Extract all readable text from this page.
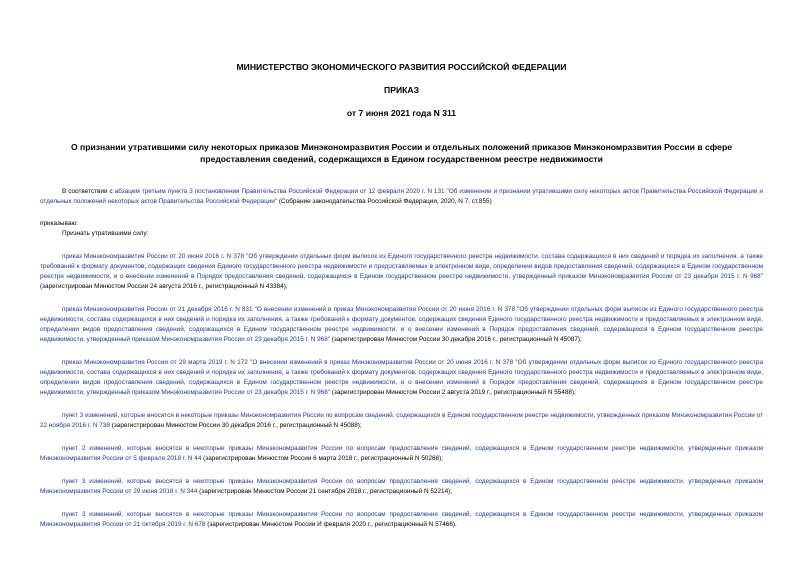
МИНИСТЕРСТВО ЭКОНОМИЧЕСКОГО РАЗВИТИЯ РОССИЙСКОЙ ФЕДЕРАЦИИ
ПРИКАЗ
от 7 июня 2021 года N 311
О признании утратившими силу некоторых приказов Минэкономразвития России и отдельных положений приказов Минэкономразвития России в сфере предоставления сведений, содержащихся в Едином государственном реестре недвижимости

В соответствии с абзацем третьим пункта 3 постановления Правительства Российской Федерации от 12 февраля 2020 г. N 131 "Об изменении и признании утратившими силу некоторых актов Правительства Российской Федерации и отдельных положений некоторых актов Правительства Российской Федерации" (Собрание законодательства Российской Федерации, 2020, N 7, ст.855)

приказываю:

Признать утратившими силу:

приказ Минэкономразвития России от 20 июня 2016 г. N 378 "Об утверждении отдельных форм выписок из Единого государственного реестра недвижимости, состава содержащихся в них сведений и порядка их заполнения, а также требований к формату документов, содержащих сведения Единого государственного реестра недвижимости и предоставляемых в электронном виде, определении видов предоставления сведений, содержащихся в Едином государственном реестре недвижимости, и о внесении изменений в Порядок предоставления сведений, содержащихся в Едином государственном реестре недвижимости, утвержденный приказом Минэкономразвития России от 23 декабря 2015 г. N 968" (зарегистрирован Минюстом России 24 августа 2016 г., регистрационный N 43384);

приказ Минэкономразвития России от 21 декабря 2016 г. N 831 "О внесении изменений в приказ Минэкономразвития России от 20 июня 2016 г. N 378 "Об утверждении отдельных форм выписок из Единого государственного реестра недвижимости, состава содержащихся в них сведений и порядка их заполнения, а также требований к формату документов, содержащих сведения Единого государственного реестра недвижимости и предоставляемых в электронном виде, определении видов предоставления сведений, содержащихся в Едином государственном реестре недвижимости, и о внесении изменений в Порядок предоставления сведений, содержащихся в Едином государственном реестре недвижимости, утвержденный приказом Минэкономразвития России от 23 декабря 2015 г. N 968" (зарегистрирован Минюстом России 30 декабря 2016 г., регистрационный N 45087);

приказ Минэкономразвития России от 29 марта 2019 г. N 172 "О внесении изменений в приказ Минэкономразвития России от 20 июня 2016 г. N 378 "Об утверждении отдельных форм выписок из Единого государственного реестра недвижимости, состава содержащихся в них сведений и порядка их заполнения, а также требований к формату документов, содержащих сведения Единого государственного реестра недвижимости и предоставляемых в электронном виде, определении видов предоставления сведений, содержащихся в Едином государственном реестре недвижимости, и о внесении изменений в Порядок предоставления сведений, содержащихся в Едином государственном реестре недвижимости, утвержденный приказом Минэкономразвития России от 23 декабря 2015 г. N 968" (зарегистрирован Минюстом России 2 августа 2019 г., регистрационный N 55488);

пункт 3 изменений, которые вносятся в некоторые приказы Минэкономразвития России по вопросам сведений, содержащихся в Едином государственном реестре недвижимости, утвержденных приказом Минэкономразвития России от 22 ноября 2016 г. N 738 (зарегистрирован Минюстом России 30 декабря 2016 г., регистрационный N 45088);

пункт 2 изменений, которые вносятся в некоторые приказы Минэкономразвития России по вопросам предоставления сведений, содержащихся в Едином государственном реестре недвижимости, утвержденных приказом Минэкономразвития России от 5 февраля 2018 г. N 44 (зарегистрирован Минюстом России 6 марта 2018 г., регистрационный N 50268);

пункт 3 изменений, которые вносятся в некоторые приказы Минэкономразвития России по вопросам предоставления сведений, содержащихся в Едином государственном реестре недвижимости, утвержденных приказом Минэкономразвития России от 29 июня 2018 г. N 344 (зарегистрирован Минюстом России 21 сентября 2018 г., регистрационный N 52214);

пункт 3 изменений, которые вносятся в некоторые приказы Минэкономразвития России по вопросам предоставления сведений, содержащихся в Едином государственном реестре недвижимости, утвержденных приказом Минэкономразвития России от 21 октября 2019 г. N 678 (зарегистрирован Минюстом России И февраля 2020 г., регистрационный N 57466).
